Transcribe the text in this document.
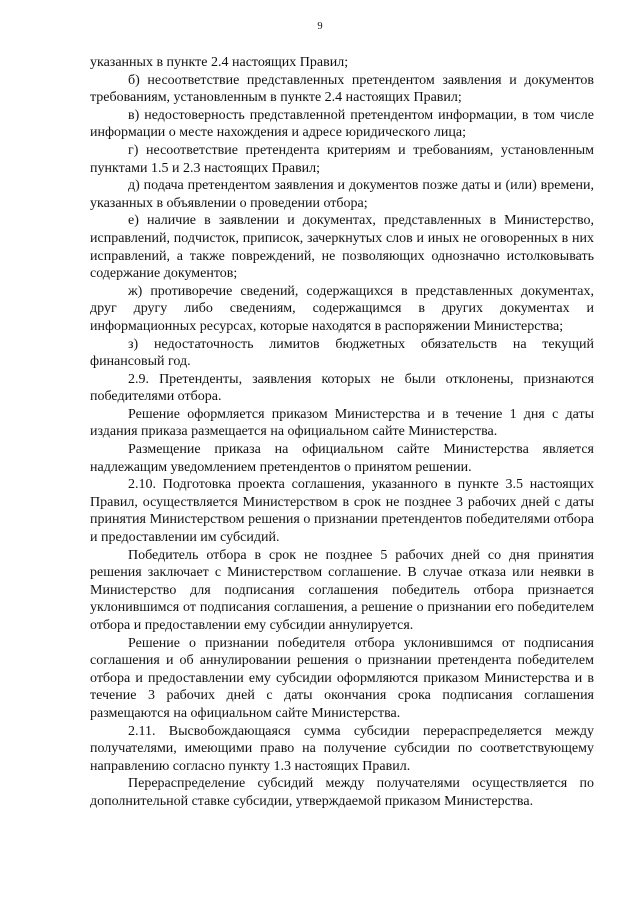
9

указанных в пункте 2.4 настоящих Правил;

б) несоответствие представленных претендентом заявления и документов требованиям, установленным в пункте 2.4 настоящих Правил;

в) недостоверность представленной претендентом информации, в том числе информации о месте нахождения и адресе юридического лица;

г) несоответствие претендента критериям и требованиям, установленным пунктами 1.5 и 2.3 настоящих Правил;

д) подача претендентом заявления и документов позже даты и (или) времени, указанных в объявлении о проведении отбора;

е) наличие в заявлении и документах, представленных в Министерство, исправлений, подчисток, приписок, зачеркнутых слов и иных не оговоренных в них исправлений, а также повреждений, не позволяющих однозначно истолковывать содержание документов;

ж) противоречие сведений, содержащихся в представленных документах, друг другу либо сведениям, содержащимся в других документах и информационных ресурсах, которые находятся в распоряжении Министерства;

з) недостаточность лимитов бюджетных обязательств на текущий финансовый год.

2.9. Претенденты, заявления которых не были отклонены, признаются победителями отбора.

Решение оформляется приказом Министерства и в течение 1 дня с даты издания приказа размещается на официальном сайте Министерства.

Размещение приказа на официальном сайте Министерства является надлежащим уведомлением претендентов о принятом решении.

2.10. Подготовка проекта соглашения, указанного в пункте 3.5 настоящих Правил, осуществляется Министерством в срок не позднее 3 рабочих дней с даты принятия Министерством решения о признании претендентов победителями отбора и предоставлении им субсидий.

Победитель отбора в срок не позднее 5 рабочих дней со дня принятия решения заключает с Министерством соглашение. В случае отказа или неявки в Министерство для подписания соглашения победитель отбора признается уклонившимся от подписания соглашения, а решение о признании его победителем отбора и предоставлении ему субсидии аннулируется.

Решение о признании победителя отбора уклонившимся от подписания соглашения и об аннулировании решения о признании претендента победителем отбора и предоставлении ему субсидии оформляются приказом Министерства и в течение 3 рабочих дней с даты окончания срока подписания соглашения размещаются на официальном сайте Министерства.

2.11. Высвобождающаяся сумма субсидии перераспределяется между получателями, имеющими право на получение субсидии по соответствующему направлению согласно пункту 1.3 настоящих Правил.

Перераспределение субсидий между получателями осуществляется по дополнительной ставке субсидии, утверждаемой приказом Министерства.
